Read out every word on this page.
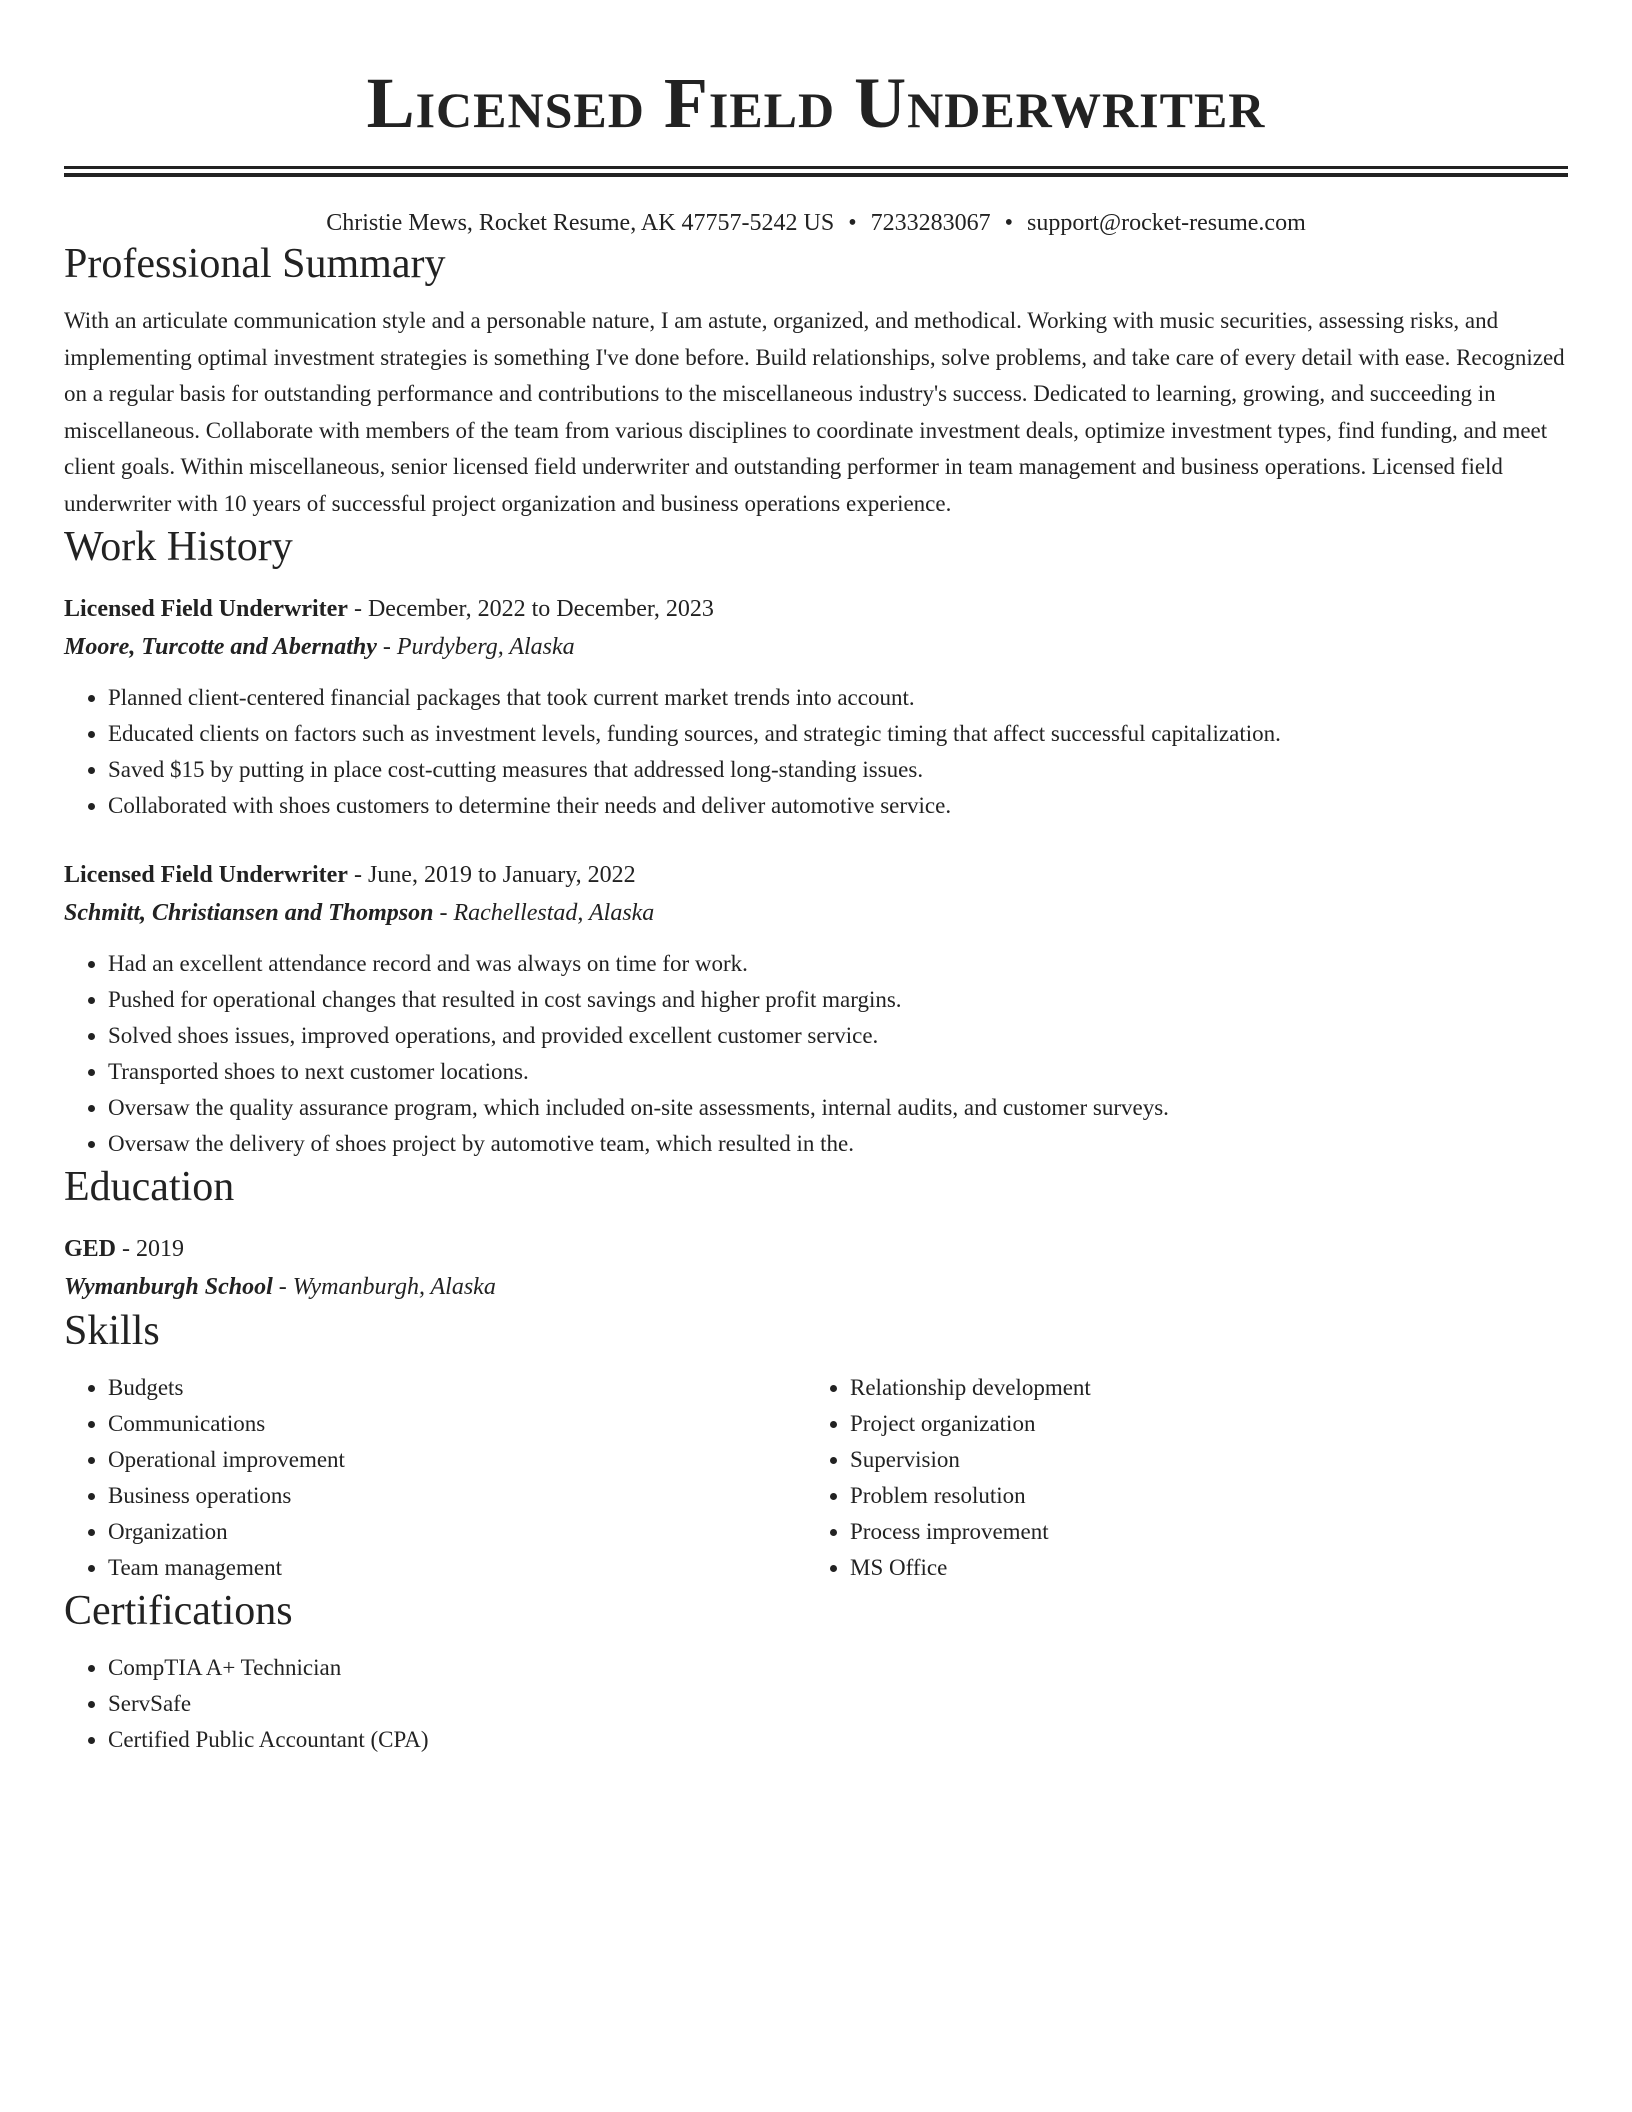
Licensed Field Underwriter
Christie Mews, Rocket Resume, AK 47757-5242 US • 7233283067 • support@rocket-resume.com
Professional Summary
With an articulate communication style and a personable nature, I am astute, organized, and methodical. Working with music securities, assessing risks, and implementing optimal investment strategies is something I've done before. Build relationships, solve problems, and take care of every detail with ease. Recognized on a regular basis for outstanding performance and contributions to the miscellaneous industry's success. Dedicated to learning, growing, and succeeding in miscellaneous. Collaborate with members of the team from various disciplines to coordinate investment deals, optimize investment types, find funding, and meet client goals. Within miscellaneous, senior licensed field underwriter and outstanding performer in team management and business operations. Licensed field underwriter with 10 years of successful project organization and business operations experience.
Work History
Licensed Field Underwriter - December, 2022 to December, 2023
Moore, Turcotte and Abernathy - Purdyberg, Alaska
• Planned client-centered financial packages that took current market trends into account.
• Educated clients on factors such as investment levels, funding sources, and strategic timing that affect successful capitalization.
• Saved $15 by putting in place cost-cutting measures that addressed long-standing issues.
• Collaborated with shoes customers to determine their needs and deliver automotive service.
Licensed Field Underwriter - June, 2019 to January, 2022
Schmitt, Christiansen and Thompson - Rachellestad, Alaska
• Had an excellent attendance record and was always on time for work.
• Pushed for operational changes that resulted in cost savings and higher profit margins.
• Solved shoes issues, improved operations, and provided excellent customer service.
• Transported shoes to next customer locations.
• Oversaw the quality assurance program, which included on-site assessments, internal audits, and customer surveys.
• Oversaw the delivery of shoes project by automotive team, which resulted in the.
Education
GED - 2019
Wymanburgh School - Wymanburgh, Alaska
Skills
• Budgets
• Communications
• Operational improvement
• Business operations
• Organization
• Team management
• Relationship development
• Project organization
• Supervision
• Problem resolution
• Process improvement
• MS Office
Certifications
• CompTIA A+ Technician
• ServSafe
• Certified Public Accountant (CPA)
